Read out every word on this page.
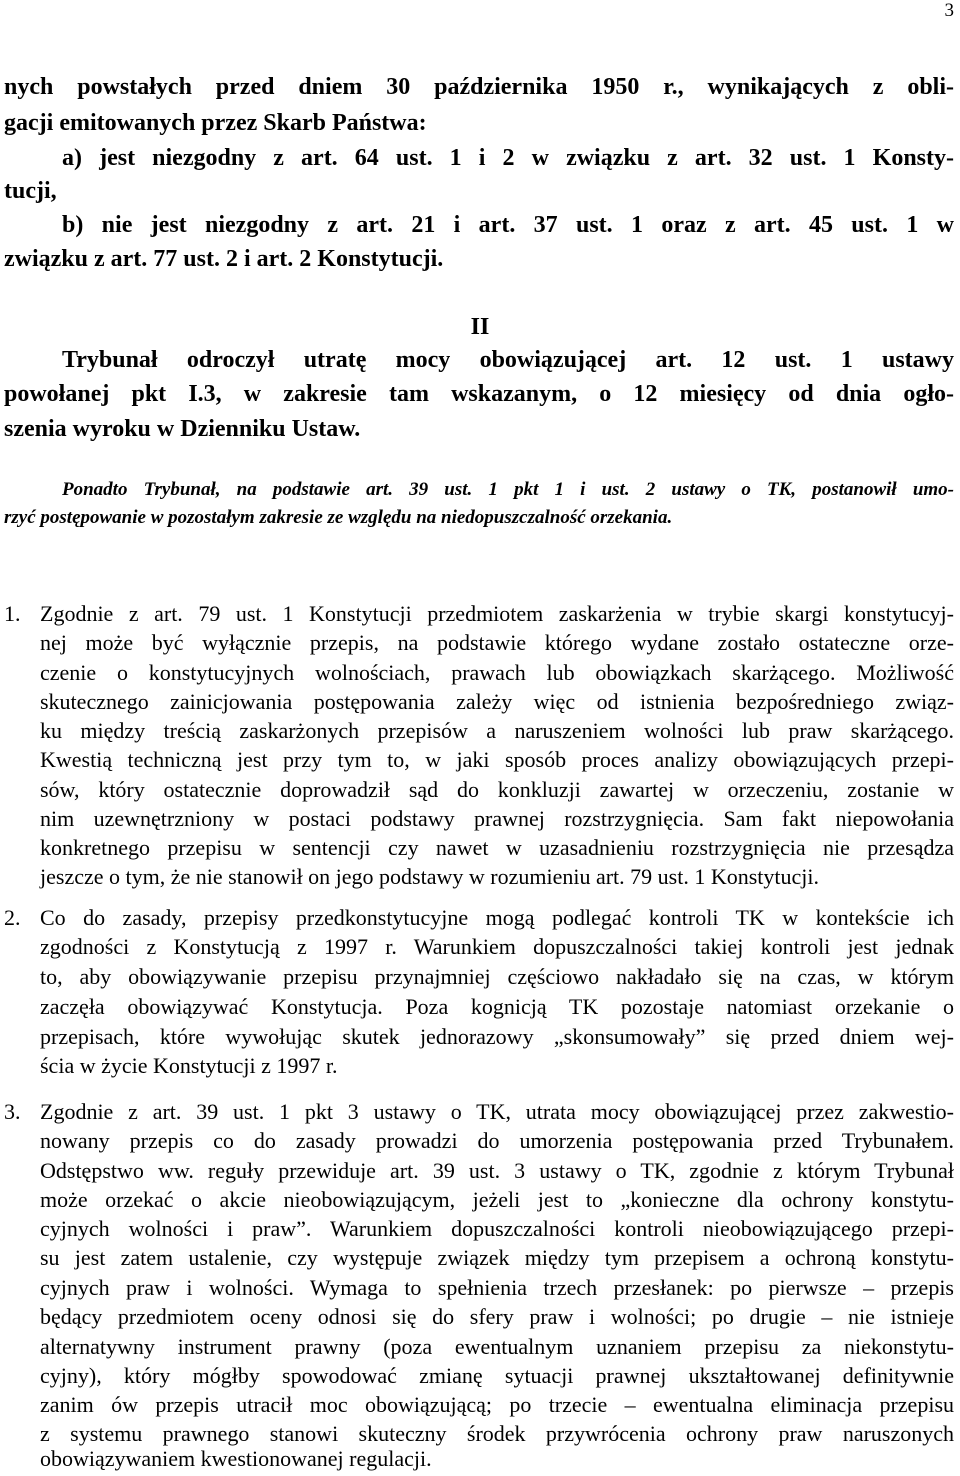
3
nych powstałych przed dniem 30 października 1950 r., wynikających z obli-
gacji emitowanych przez Skarb Państwa:
a) jest niezgodny z art. 64 ust. 1 i 2 w związku z art. 32 ust. 1 Konsty-
tucji,
b) nie jest niezgodny z art. 21 i art. 37 ust. 1 oraz z art. 45 ust. 1 w
związku z art. 77 ust. 2 i art. 2 Konstytucji.
II
Trybunał odroczył utratę mocy obowiązującej art. 12 ust. 1 ustawy
powołanej pkt I.3, w zakresie tam wskazanym, o 12 miesięcy od dnia ogło-
szenia wyroku w Dzienniku Ustaw.
Ponadto Trybunał, na podstawie art. 39 ust. 1 pkt 1 i ust. 2 ustawy o TK, postanowił umo-
rzyć postępowanie w pozostałym zakresie ze względu na niedopuszczalność orzekania.
1. Zgodnie z art. 79 ust. 1 Konstytucji przedmiotem zaskarżenia w trybie skargi konstytucyj-
nej może być wyłącznie przepis, na podstawie którego wydane zostało ostateczne orze-
czenie o konstytucyjnych wolnościach, prawach lub obowiązkach skarżącego. Możliwość
skutecznego zainicjowania postępowania zależy więc od istnienia bezpośredniego związ-
ku między treścią zaskarżonych przepisów a naruszeniem wolności lub praw skarżącego.
Kwestią techniczną jest przy tym to, w jaki sposób proces analizy obowiązujących przepi-
sów, który ostatecznie doprowadził sąd do konkluzji zawartej w orzeczeniu, zostanie w
nim uzewnętrzniony w postaci podstawy prawnej rozstrzygnięcia. Sam fakt niepowołania
konkretnego przepisu w sentencji czy nawet w uzasadnieniu rozstrzygnięcia nie przesądza
jeszcze o tym, że nie stanowił on jego podstawy w rozumieniu art. 79 ust. 1 Konstytucji.
2. Co do zasady, przepisy przedkonstytucyjne mogą podlegać kontroli TK w kontekście ich
zgodności z Konstytucją z 1997 r. Warunkiem dopuszczalności takiej kontroli jest jednak
to, aby obowiązywanie przepisu przynajmniej częściowo nakładało się na czas, w którym
zaczęła obowiązywać Konstytucja. Poza kognicją TK pozostaje natomiast orzekanie o
przepisach, które wywołując skutek jednorazowy „skonsumowały” się przed dniem wej-
ścia w życie Konstytucji z 1997 r.
3. Zgodnie z art. 39 ust. 1 pkt 3 ustawy o TK, utrata mocy obowiązującej przez zakwestio-
nowany przepis co do zasady prowadzi do umorzenia postępowania przed Trybunałem.
Odstępstwo ww. reguły przewiduje art. 39 ust. 3 ustawy o TK, zgodnie z którym Trybunał
może orzekać o akcie nieobowiązującym, jeżeli jest to „konieczne dla ochrony konstytu-
cyjnych wolności i praw”. Warunkiem dopuszczalności kontroli nieobowiązującego przepi-
su jest zatem ustalenie, czy występuje związek między tym przepisem a ochroną konstytu-
cyjnych praw i wolności. Wymaga to spełnienia trzech przesłanek: po pierwsze – przepis
będący przedmiotem oceny odnosi się do sfery praw i wolności; po drugie – nie istnieje
alternatywny instrument prawny (poza ewentualnym uznaniem przepisu za niekonstytu-
cyjny), który mógłby spowodować zmianę sytuacji prawnej ukształtowanej definitywnie
zanim ów przepis utracił moc obowiązującą; po trzecie – ewentualna eliminacja przepisu
z systemu prawnego stanowi skuteczny środek przywrócenia ochrony praw naruszonych
obowiązywaniem kwestionowanej regulacji.
